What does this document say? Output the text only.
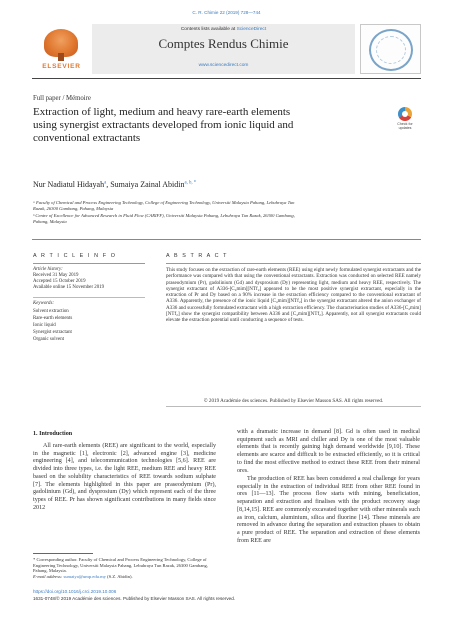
C. R. Chimie 22 (2019) 728—744
ELSEVIER
Contents lists available at ScienceDirect
Comptes Rendus Chimie
www.sciencedirect.com
Full paper / Mémoire
Extraction of light, medium and heavy rare-earth elements
using synergist extractants developed from ionic liquid and
conventional extractants
Check for
updates
Nur Nadiatul Hidayah$^a$, Sumaiya Zainal Abidin$^{a, b, *}$
ᵃ Faculty of Chemical and Process Engineering Technology, College of Engineering Technology, Universiti Malaysia Pahang, Lebuhraya Tun
Razak, 26300 Gambang, Pahang, Malaysia
ᵇ Centre of Excellence for Advanced Research in Fluid Flow (CARIFF), Universiti Malaysia Pahang, Lebuhraya Tun Razak, 26300 Gambang,
Pahang, Malaysia
A R T I C L E I N F O
Article history:
Received 31 May 2019
Accepted 15 October 2019
Available online 15 November 2019
Keywords:
Solvent extraction
Rare-earth elements
Ionic liquid
Synergist extractant
Organic solvent
A B S T R A C T
This study focuses on the extraction of rare-earth elements (REE) using eight newly formulated synergist extractants and the performance was compared with that using the conventional extractants. Extraction was conducted on selected REE namely praseodymium (Pr), gadolinium (Gd) and dysprosium (Dy) representing light, medium and heavy REE, respectively. The synergist extractant of A336-[C₄mim][NTf₂] appeared to be the most positive synergist extractant, especially in the extraction of Pr and Dy based on a 90% increase in the extraction efficiency compared to the conventional extractant of A336. Apparently, the presence of the ionic liquid [C₄mim][NTf₂] in the synergist extractant altered the anion exchanger of A336 and successfully formulated extractant with a high extraction efficiency. The characterisation studies of A336-[C₄mim][NTf₂] show the synergist compatibility between A336 and [C₄mim][NTf₂]. Apparently, not all synergist extractants could elevate the extraction potential until conducting a sequence of tests.
© 2019 Académie des sciences. Published by Elsevier Masson SAS. All rights reserved.
1. Introduction
All rare-earth elements (REE) are significant to the world, especially in the magnetic [1], electronic [2], advanced engine [3], medicine engineering [4], and telecommunication technologies [5,6]. REE are divided into three types, i.e. the light REE, medium REE and heavy REE based on the solubility characteristics of REE towards sodium sulphate [7]. The elements highlighted in this paper are praseodymium (Pr), gadolinium (Gd), and dysprosium (Dy) which represent each of the three types of REE. Pr has shown significant contributions in many fields since 2012
with a dramatic increase in demand [8]. Gd is often used in medical equipment such as MRI and chiller and Dy is one of the most valuable elements that is recently gaining high demand worldwide [9,10]. These elements are scarce and difficult to be extracted efficiently, so it is critical to find the most effective method to extract these REE from their mineral ores.
The production of REE has been considered a real challenge for years especially in the extraction of individual REE from other REE found in ores [11—13]. The process flow starts with mining, beneficiation, separation and extraction and finalises with the product recovery stage [8,14,15]. REE are commonly excavated together with other minerals such as iron, calcium, aluminium, silica and fluorine [14]. These minerals are removed in advance during the separation and extraction phases to obtain a pure product of REE. The separation and extraction of these elements from REE are
* Corresponding author. Faculty of Chemical and Process Engineering Technology, College of Engineering Technology, Universiti Malaysia Pahang, Lebuhraya Tun Razak, 26300 Gambang, Pahang, Malaysia.
E-mail address: sumaiya@ump.edu.my (S.Z. Abidin).
https://doi.org/10.1016/j.crci.2019.10.006
1631-0748/© 2019 Académie des sciences. Published by Elsevier Masson SAS. All rights reserved.
